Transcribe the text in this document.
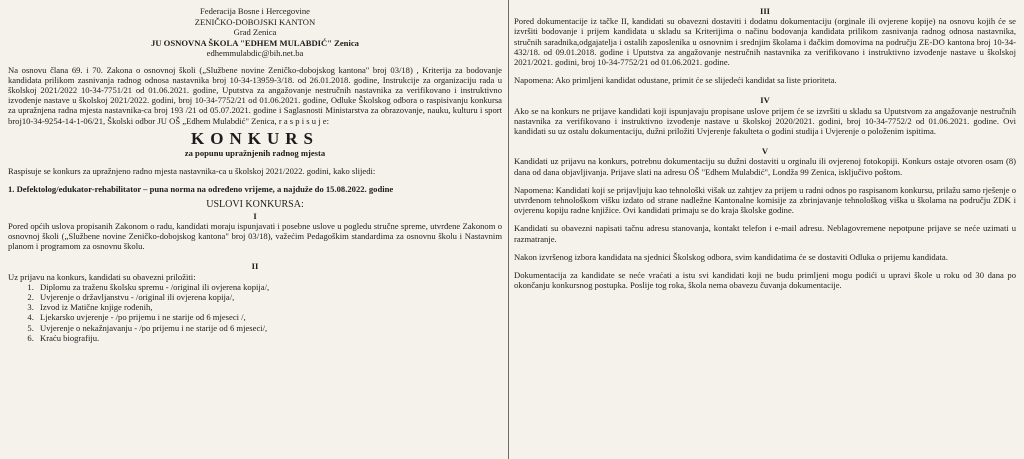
Federacija Bosne i Hercegovine

ZENIČKO-DOBOJSKI KANTON

Grad Zenica

JU OSNOVNA ŠKOLA "EDHEM MULABDIĆ" Zenica

edhemmulabdic@bih.net.ba

Na osnovu člana 69. i 70. Zakona o osnovnoj školi („Službene novine Zeničko-dobojskog kantona" broj 03/18) , Kriterija za bodovanje kandidata prilikom zasnivanja radnog odnosa nastavnika broj 10-34-13959-3/18. od 26.01.2018. godine, Instrukcije za organizaciju rada u školskoj 2021/2022 10-34-7751/21 od 01.06.2021. godine, Uputstva za angažovanje nestručnih nastavnika za verifikovano i instruktivno izvođenje nastave u školskoj 2021/2022. godini, broj 10-34-7752/21 od 01.06.2021. godine, Odluke Školskog odbora o raspisivanju konkursa za upražnjena radna mjesta nastavnika-ca broj 193 /21 od 05.07.2021. godine i Saglasnosti Ministarstva za obrazovanje, nauku, kulturu i sport broj10-34-9254-14-1-06/21, Školski odbor JU OŠ „Edhem Mulabdić" Zenica, r a s p i s u j e:

KONKURS

za popunu upražnjenih radnog mjesta

Raspisuje se konkurs za upražnjeno radno mjesta nastavnika-ca u školskoj 2021/2022. godini, kako slijedi:

1. Defektolog/edukator-rehabilitator – puna norma na određeno vrijeme, a najduže do 15.08.2022. godine

USLOVI KONKURSA:

I

Pored općih uslova propisanih Zakonom o radu, kandidati moraju ispunjavati i posebne uslove u pogledu stručne spreme, utvrđene Zakonom o osnovnoj školi („Službene novine Zeničko-dobojskog kantona" broj 03/18), važećim Pedagoškim standardima za osnovnu školu i Nastavnim planom i programom za osnovnu školu.

II

Uz prijavu na konkurs, kandidati su obavezni priložiti:

1. Diplomu za traženu školsku spremu - /original ili ovjerena kopija/,
2. Uvjerenje o državljanstvu - /original ili ovjerena kopija/,
3. Izvod iz Matične knjige rođenih,
4. Ljekarsko uvjerenje - /po prijemu i ne starije od 6 mjeseci /,
5. Uvjerenje o nekažnjavanju - /po prijemu i ne starije od 6 mjeseci/,
6. Kraću biografiju.

III

Pored dokumentacije iz tačke II, kandidati su obavezni dostaviti i dodatnu dokumentaciju (orginale ili ovjerene kopije) na osnovu kojih će se izvršiti bodovanje i prijem kandidata u skladu sa Kriterijima o načinu bodovanja kandidata prilikom zasnivanja radnog odnosa nastavnika, stručnih saradnika,odgajatelja i ostalih zaposlenika u osnovnim i srednjim školama i đačkim domovima na području ZE-DO kantona broj 10-34-432/18. od 09.01.2018. godine i Uputstva za angažovanje nestručnih nastavnika za verifikovano i instruktivno izvođenje nastave u školskoj 2021/2021. godini, broj 10-34-7752/21 od 01.06.2021. godine.

Napomena: Ako primljeni kandidat odustane, primit će se slijedeći kandidat sa liste prioriteta.

IV

Ako se na konkurs ne prijave kandidati koji ispunjavaju propisane uslove prijem će se izvršiti u skladu sa Uputstvom za angažovanje nestručnih nastavnika za verifikovano i instruktivno izvođenje nastave u školskoj 2020/2021. godini, broj 10-34-7752/2 od 01.06.2021. godine. Ovi kandidati su uz ostalu dokumentaciju, dužni priložiti Uvjerenje fakulteta o godini studija i Uvjerenje o položenim ispitima.

V

Kandidati uz prijavu na konkurs, potrebnu dokumentaciju su dužni dostaviti u orginalu ili ovjerenoj fotokopiji. Konkurs ostaje otvoren osam (8) dana od dana objavljivanja. Prijave slati na adresu OŠ "Edhem Mulabdić", Londža 99 Zenica, isključivo poštom.

Napomena: Kandidati koji se prijavljuju kao tehnološki višak uz zahtjev za prijem u radni odnos po raspisanom konkursu, prilažu samo rješenje o utvrđenom tehnološkom višku izdato od strane nadležne Kantonalne komisije za zbrinjavanje tehnološkog viška u školama na području ZDK i ovjerenu kopiju radne knjižice. Ovi kandidati primaju se do kraja školske godine.

Kandidati su obavezni napisati tačnu adresu stanovanja, kontakt telefon i e-mail adresu. Neblagovremene nepotpune prijave se neće uzimati u razmatranje.

Nakon izvršenog izbora kandidata na sjednici Školskog odbora, svim kandidatima će se dostaviti Odluka o prijemu kandidata.

Dokumentacija za kandidate se neće vraćati a istu svi kandidati koji ne budu primljeni mogu podići u upravi škole u roku od 30 dana po okončanju konkursnog postupka. Poslije tog roka, škola nema obavezu čuvanja dokumentacije.
